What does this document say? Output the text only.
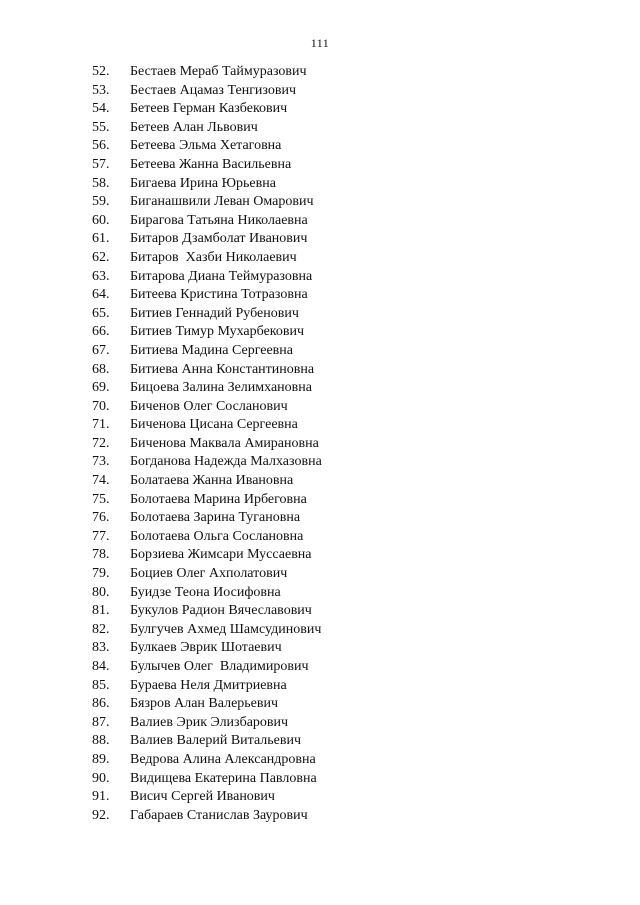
111
52.	Бестаев Мераб Таймуразович
53.	Бестаев Ацамаз Тенгизович
54.	Бетеев Герман Казбекович
55.	Бетеев Алан Львович
56.	Бетеева Эльма Хетаговна
57.	Бетеева Жанна Васильевна
58.	Бигаева Ирина Юрьевна
59.	Биганашвили Леван Омарович
60.	Бирагова Татьяна Николаевна
61.	Битаров Дзамболат Иванович
62.	Битаров  Хазби Николаевич
63.	Битарова Диана Теймуразовна
64.	Битеева Кристина Тотразовна
65.	Битиев Геннадий Рубенович
66.	Битиев Тимур Мухарбекович
67.	Битиева Мадина Сергеевна
68.	Битиева Анна Константиновна
69.	Бицоева Залина Зелимхановна
70.	Биченов Олег Сосланович
71.	Биченова Цисана Сергеевна
72.	Биченова Маквала Амирановна
73.	Богданова Надежда Малхазовна
74.	Болатаева Жанна Ивановна
75.	Болотаева Марина Ирбеговна
76.	Болотаева Зарина Тугановна
77.	Болотаева Ольга Сослановна
78.	Борзиева Жимсари Муссаевна
79.	Боциев Олег Ахполатович
80.	Буидзе Теона Иосифовна
81.	Букулов Радион Вячеславович
82.	Булгучев Ахмед Шамсудинович
83.	Булкаев Эврик Шотаевич
84.	Булычев Олег  Владимирович
85.	Бураева Неля Дмитриевна
86.	Бязров Алан Валерьевич
87.	Валиев Эрик Элизбарович
88.	Валиев Валерий Витальевич
89.	Ведрова Алина Александровна
90.	Видищева Екатерина Павловна
91.	Висич Сергей Иванович
92.	Габараев Станислав Заурович
